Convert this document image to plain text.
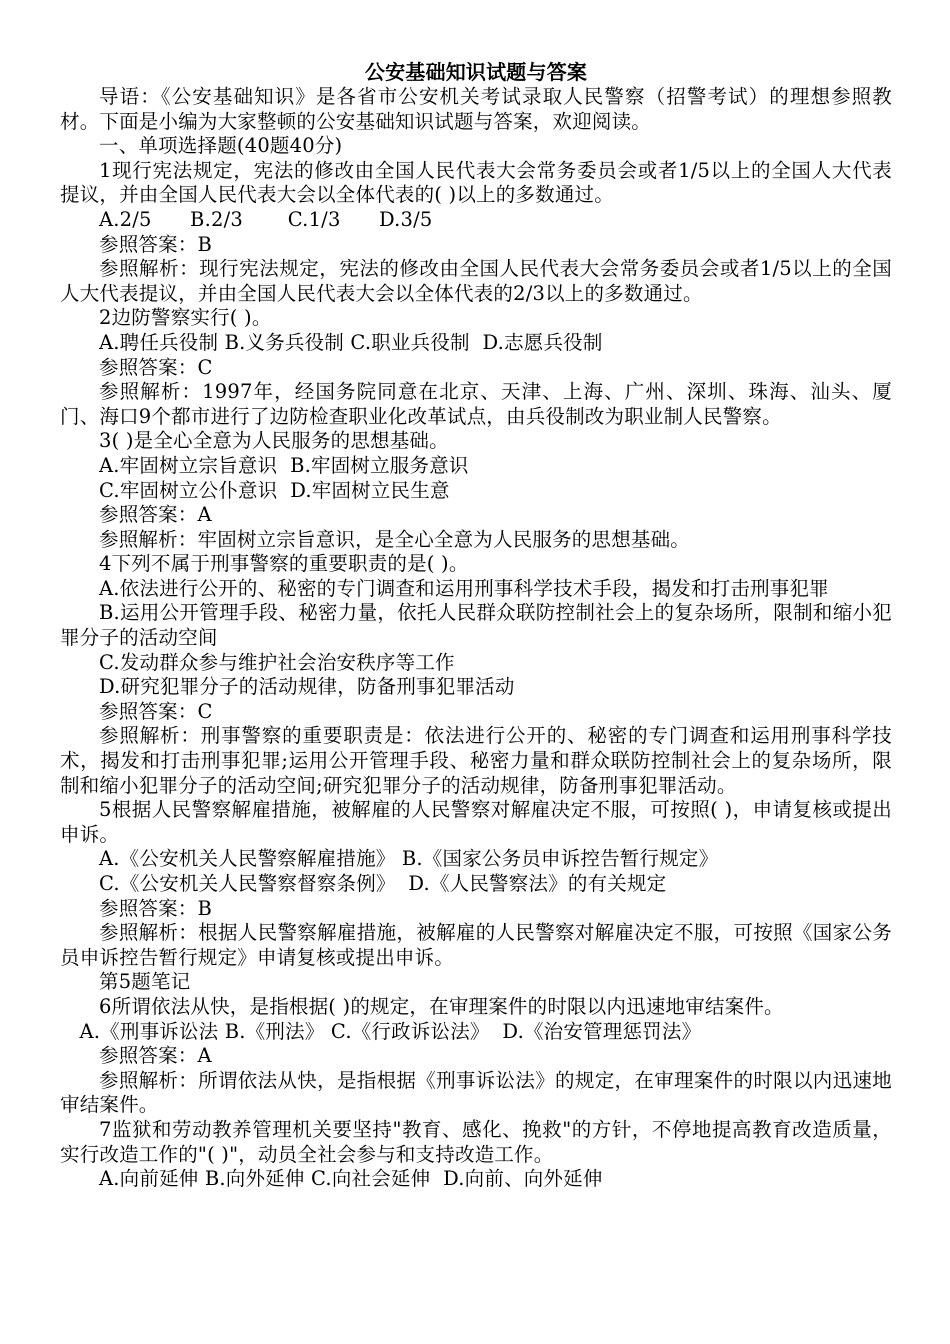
公安基础知识试题与答案

导语：《公安基础知识》是各省市公安机关考试录取人民警察（招警考试）的理想参照教材。下面是小编为大家整顿的公安基础知识试题与答案，欢迎阅读。

一、单项选择题(40题40分)

1现行宪法规定，宪法的修改由全国人民代表大会常务委员会或者1/5以上的全国人大代表提议，并由全国人民代表大会以全体代表的( )以上的多数通过。

A.2/5      B.2/3       C.1/3      D.3/5

参照答案：B

参照解析：现行宪法规定，宪法的修改由全国人民代表大会常务委员会或者1/5以上的全国人大代表提议，并由全国人民代表大会以全体代表的2/3以上的多数通过。

2边防警察实行( )。

A.聘任兵役制 B.义务兵役制 C.职业兵役制  D.志愿兵役制

参照答案：C

参照解析：1997年，经国务院同意在北京、天津、上海、广州、深圳、珠海、汕头、厦门、海口9个都市进行了边防检查职业化改革试点，由兵役制改为职业制人民警察。

3( )是全心全意为人民服务的思想基础。

A.牢固树立宗旨意识  B.牢固树立服务意识

C.牢固树立公仆意识  D.牢固树立民生意

参照答案：A

参照解析：牢固树立宗旨意识，是全心全意为人民服务的思想基础。

4下列不属于刑事警察的重要职责的是( )。

A.依法进行公开的、秘密的专门调查和运用刑事科学技术手段，揭发和打击刑事犯罪

B.运用公开管理手段、秘密力量，依托人民群众联防控制社会上的复杂场所，限制和缩小犯罪分子的活动空间

C.发动群众参与维护社会治安秩序等工作

D.研究犯罪分子的活动规律，防备刑事犯罪活动

参照答案：C

参照解析：刑事警察的重要职责是：依法进行公开的、秘密的专门调查和运用刑事科学技术，揭发和打击刑事犯罪;运用公开管理手段、秘密力量和群众联防控制社会上的复杂场所，限制和缩小犯罪分子的活动空间;研究犯罪分子的活动规律，防备刑事犯罪活动。

5根据人民警察解雇措施，被解雇的人民警察对解雇决定不服，可按照( )，申请复核或提出申诉。

A.《公安机关人民警察解雇措施》 B.《国家公务员申诉控告暂行规定》

C.《公安机关人民警察督察条例》  D.《人民警察法》的有关规定

参照答案：B

参照解析：根据人民警察解雇措施，被解雇的人民警察对解雇决定不服，可按照《国家公务员申诉控告暂行规定》申请复核或提出申诉。

第5题笔记

6所谓依法从快，是指根据( )的规定，在审理案件的时限以内迅速地审结案件。

A.《刑事诉讼法 B.《刑法》 C.《行政诉讼法》  D.《治安管理惩罚法》

参照答案：A

参照解析：所谓依法从快，是指根据《刑事诉讼法》的规定，在审理案件的时限以内迅速地审结案件。

7监狱和劳动教养管理机关要坚持"教育、感化、挽救"的方针，不停地提高教育改造质量，实行改造工作的"( )"，动员全社会参与和支持改造工作。

A.向前延伸 B.向外延伸 C.向社会延伸  D.向前、向外延伸
